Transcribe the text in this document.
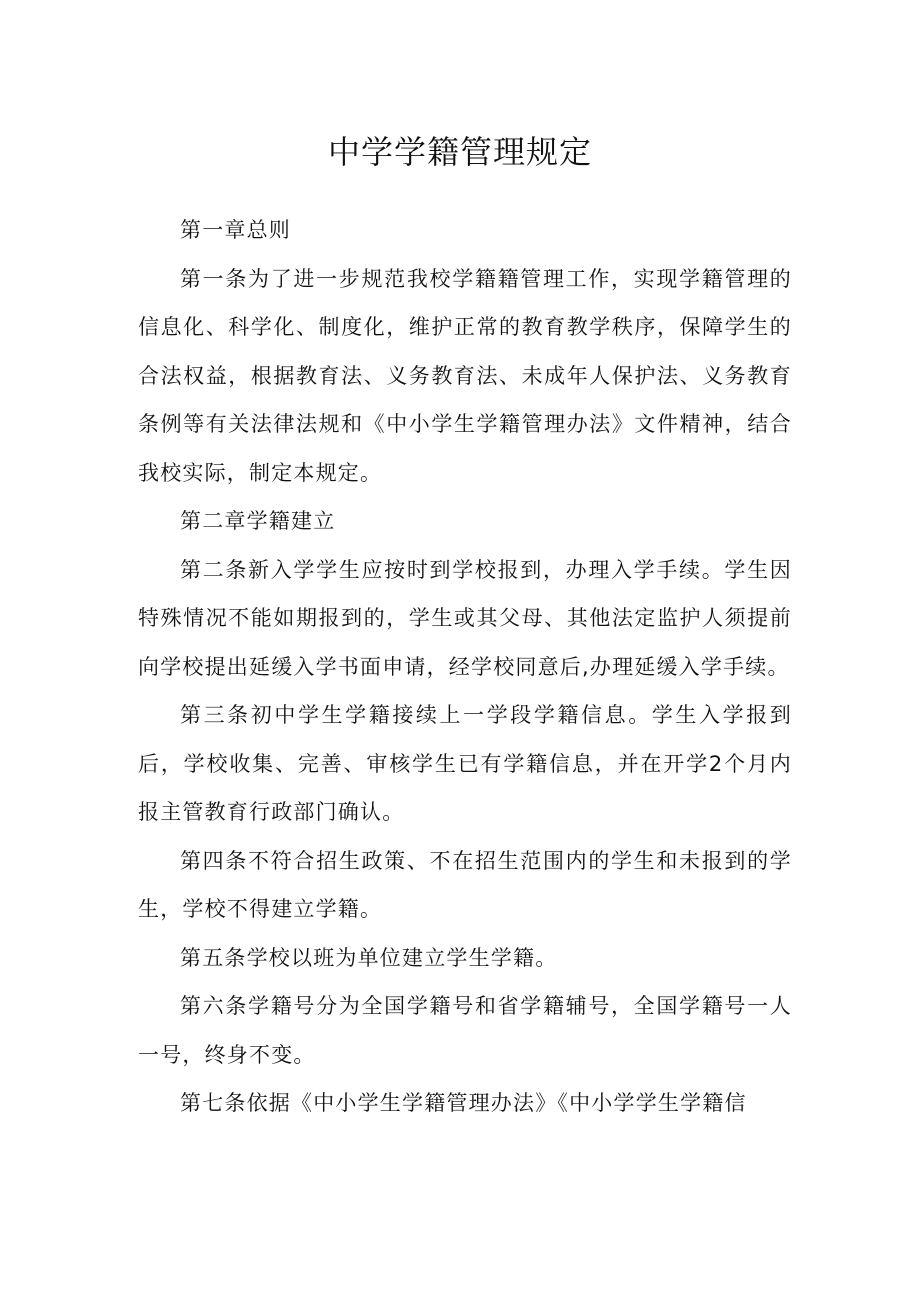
中学学籍管理规定

第一章总则

第一条为了进一步规范我校学籍籍管理工作，实现学籍管理的信息化、科学化、制度化，维护正常的教育教学秩序，保障学生的合法权益，根据教育法、义务教育法、未成年人保护法、义务教育条例等有关法律法规和《中小学生学籍管理办法》文件精神，结合我校实际，制定本规定。

第二章学籍建立

第二条新入学学生应按时到学校报到，办理入学手续。学生因特殊情况不能如期报到的，学生或其父母、其他法定监护人须提前向学校提出延缓入学书面申请，经学校同意后,办理延缓入学手续。

第三条初中学生学籍接续上一学段学籍信息。学生入学报到后，学校收集、完善、审核学生已有学籍信息，并在开学2个月内报主管教育行政部门确认。

第四条不符合招生政策、不在招生范围内的学生和未报到的学生，学校不得建立学籍。

第五条学校以班为单位建立学生学籍。

第六条学籍号分为全国学籍号和省学籍辅号，全国学籍号一人一号，终身不变。

第七条依据《中小学生学籍管理办法》《中小学学生学籍信
